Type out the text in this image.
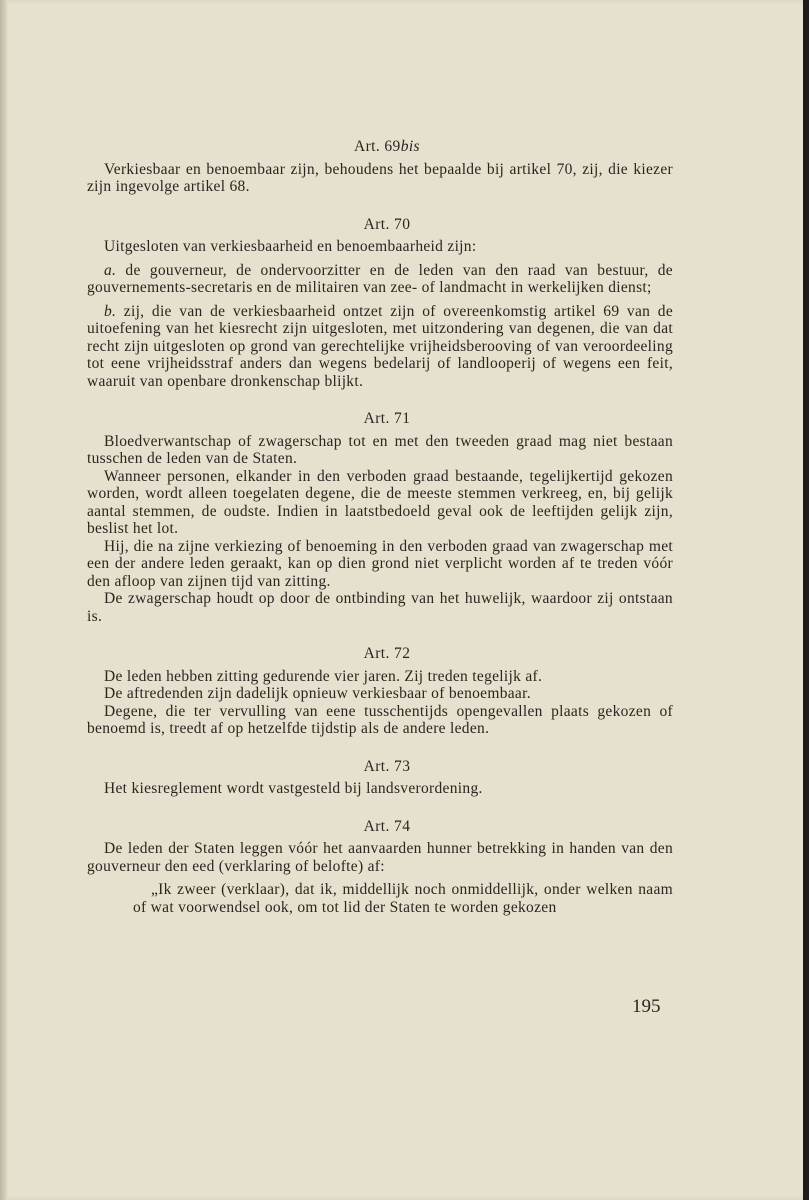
Art. 69bis

Verkiesbaar en benoembaar zijn, behoudens het bepaalde bij artikel 70, zij, die kiezer zijn ingevolge artikel 68.

Art. 70

Uitgesloten van verkiesbaarheid en benoembaarheid zijn:

a. de gouverneur, de ondervoorzitter en de leden van den raad van bestuur, de gouvernements-secretaris en de militairen van zee- of landmacht in werkelijken dienst;

b. zij, die van de verkiesbaarheid ontzet zijn of overeenkomstig artikel 69 van de uitoefening van het kiesrecht zijn uitgesloten, met uitzondering van degenen, die van dat recht zijn uitgesloten op grond van gerechtelijke vrijheidsberooving of van veroordeeling tot eene vrijheidsstraf anders dan wegens bedelarij of landlooperij of wegens een feit, waaruit van openbare dronkenschap blijkt.

Art. 71

Bloedverwantschap of zwagerschap tot en met den tweeden graad mag niet bestaan tusschen de leden van de Staten.

Wanneer personen, elkander in den verboden graad bestaande, tegelijkertijd gekozen worden, wordt alleen toegelaten degene, die de meeste stemmen verkreeg, en, bij gelijk aantal stemmen, de oudste. Indien in laatstbedoeld geval ook de leeftijden gelijk zijn, beslist het lot.

Hij, die na zijne verkiezing of benoeming in den verboden graad van zwagerschap met een der andere leden geraakt, kan op dien grond niet verplicht worden af te treden vóór den afloop van zijnen tijd van zitting.

De zwagerschap houdt op door de ontbinding van het huwelijk, waardoor zij ontstaan is.

Art. 72

De leden hebben zitting gedurende vier jaren. Zij treden tegelijk af.

De aftredenden zijn dadelijk opnieuw verkiesbaar of benoembaar.

Degene, die ter vervulling van eene tusschentijds opengevallen plaats gekozen of benoemd is, treedt af op hetzelfde tijdstip als de andere leden.

Art. 73

Het kiesreglement wordt vastgesteld bij landsverordening.

Art. 74

De leden der Staten leggen vóór het aanvaarden hunner betrekking in handen van den gouverneur den eed (verklaring of belofte) af:

„Ik zweer (verklaar), dat ik, middellijk noch onmiddellijk, onder welken naam of wat voorwendsel ook, om tot lid der Staten te worden gekozen

195
